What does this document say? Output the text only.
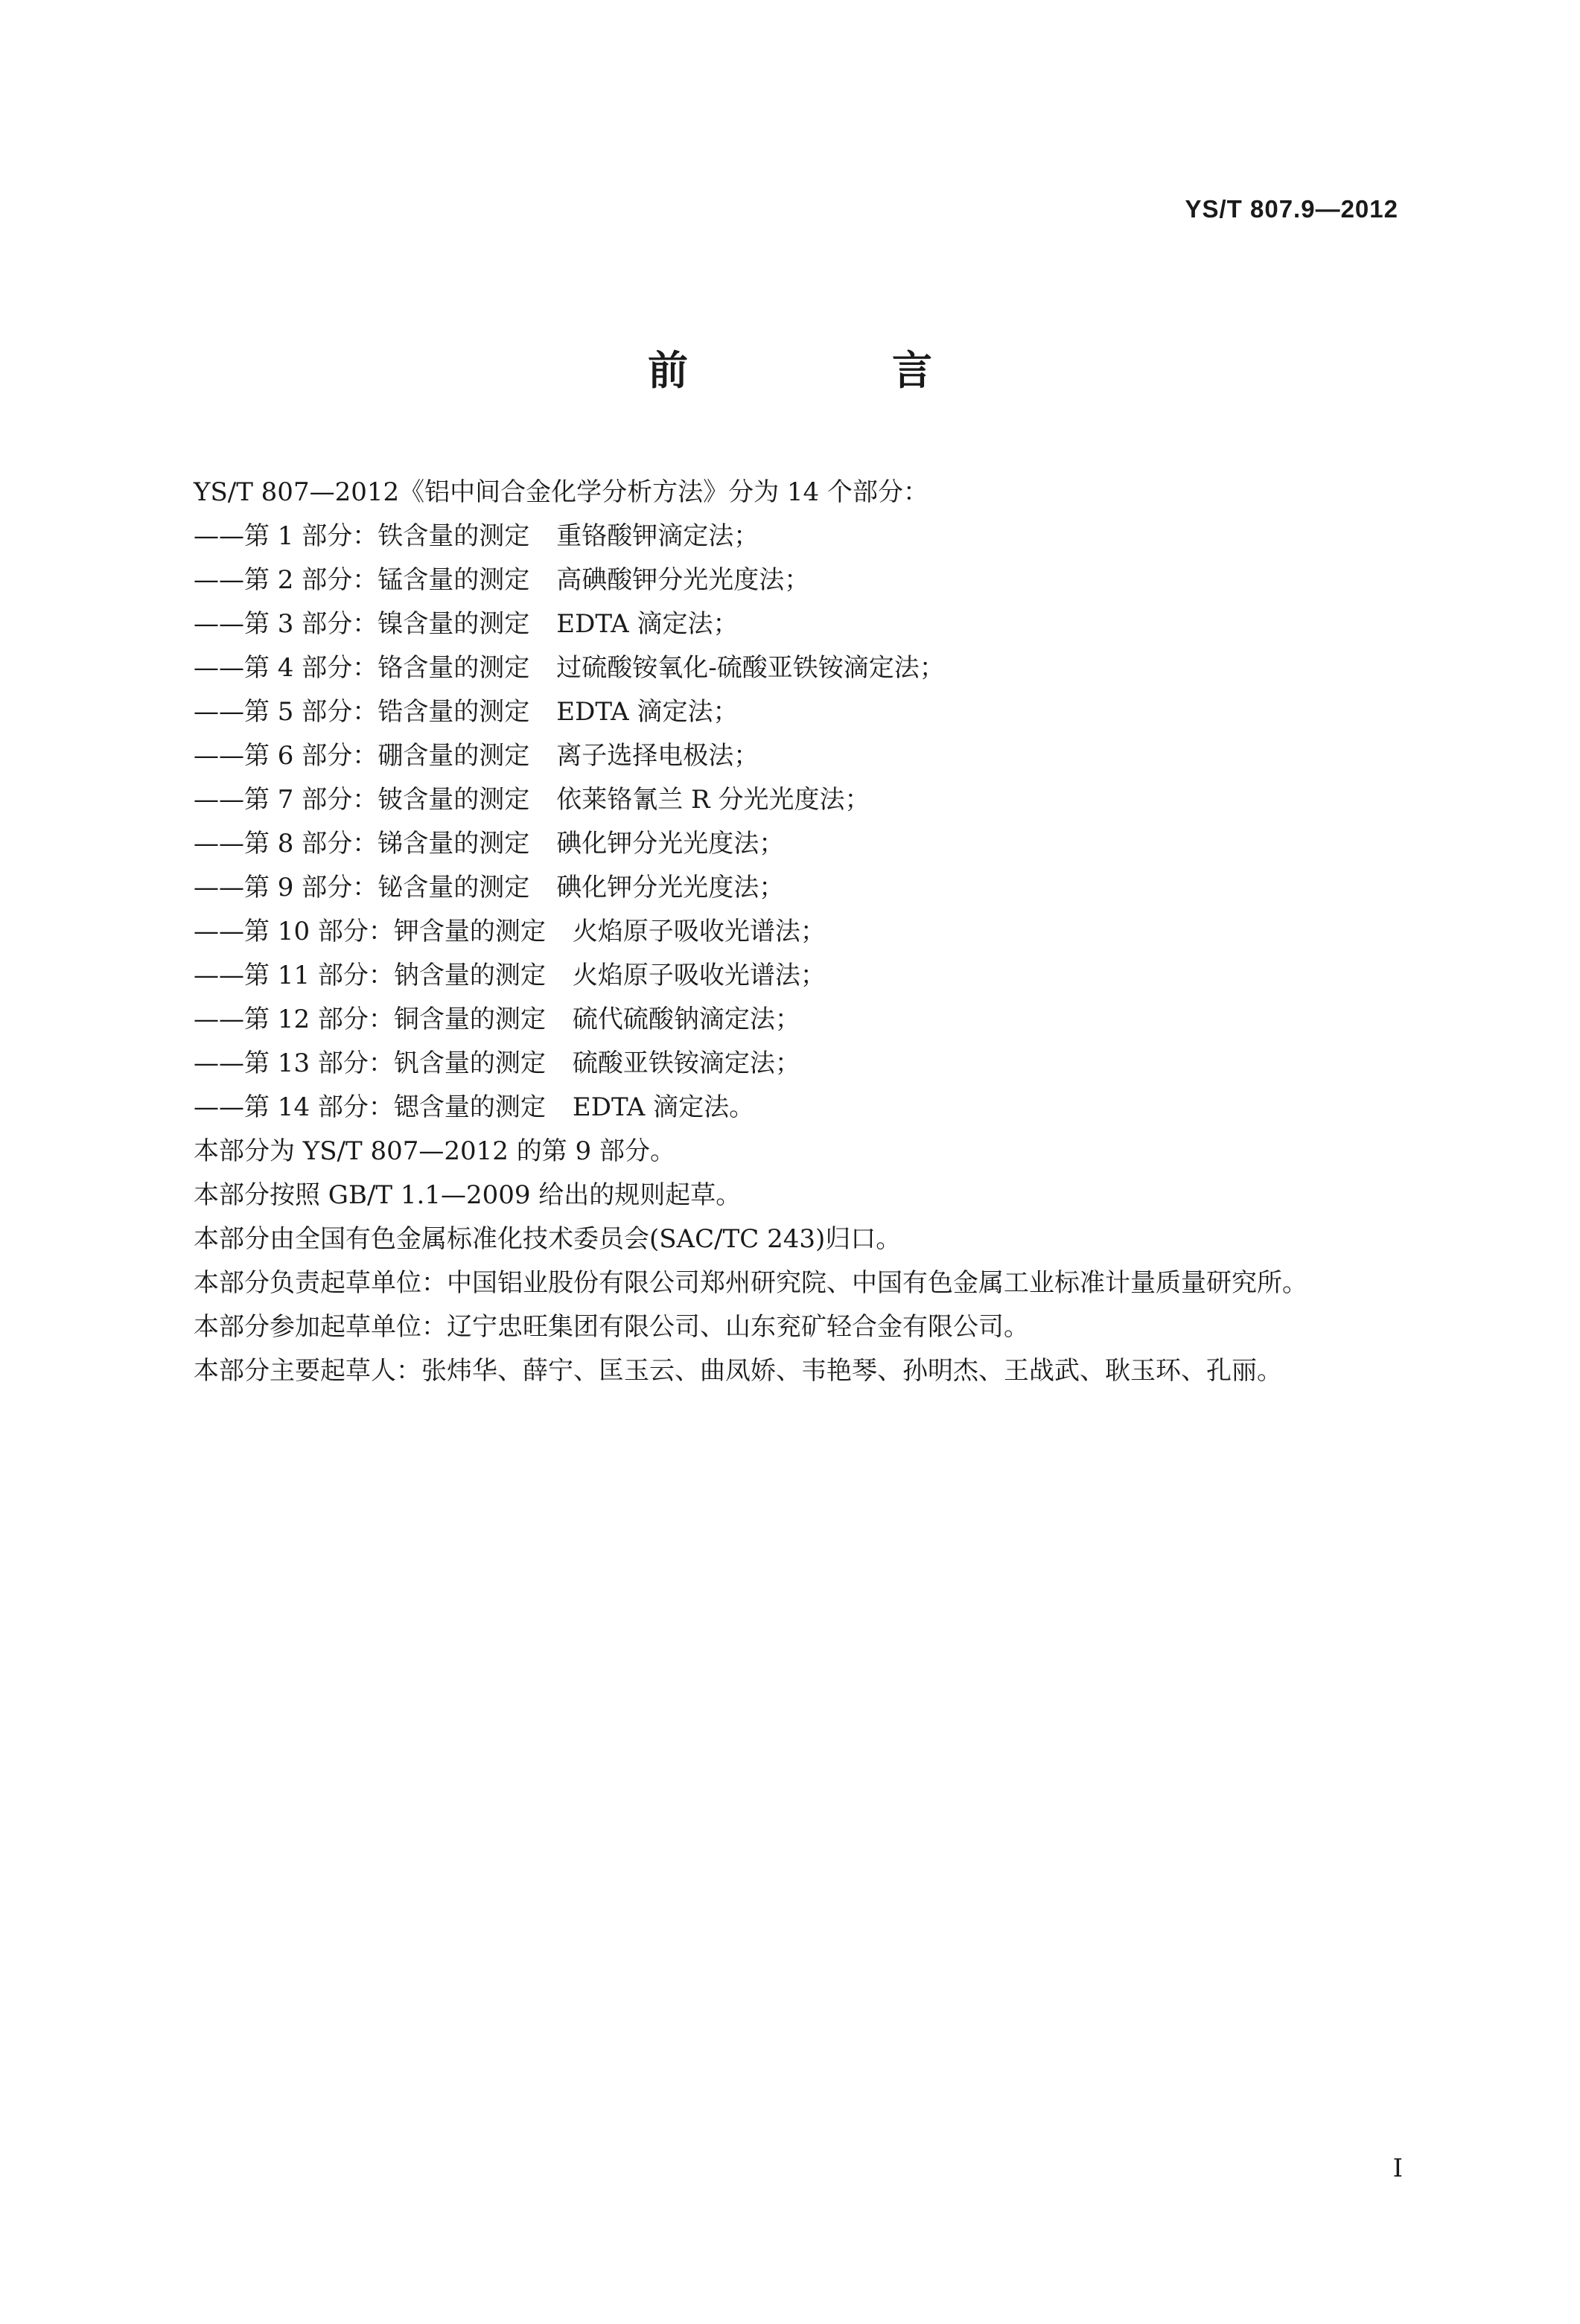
YS/T 807.9—2012
前　言

YS/T 807—2012《铝中间合金化学分析方法》分为 14 个部分：

——第 1 部分：铁含量的测定 重铬酸钾滴定法；

——第 2 部分：锰含量的测定 高碘酸钾分光光度法；

——第 3 部分：镍含量的测定 EDTA 滴定法；

——第 4 部分：铬含量的测定 过硫酸铵氧化-硫酸亚铁铵滴定法；

——第 5 部分：锆含量的测定 EDTA 滴定法；

——第 6 部分：硼含量的测定 离子选择电极法；

——第 7 部分：铍含量的测定 依莱铬氰兰 R 分光光度法；

——第 8 部分：锑含量的测定 碘化钾分光光度法；

——第 9 部分：铋含量的测定 碘化钾分光光度法；

——第 10 部分：钾含量的测定 火焰原子吸收光谱法；

——第 11 部分：钠含量的测定 火焰原子吸收光谱法；

——第 12 部分：铜含量的测定 硫代硫酸钠滴定法；

——第 13 部分：钒含量的测定 硫酸亚铁铵滴定法；

——第 14 部分：锶含量的测定 EDTA 滴定法。

本部分为 YS/T 807—2012 的第 9 部分。

本部分按照 GB/T 1.1—2009 给出的规则起草。

本部分由全国有色金属标准化技术委员会(SAC/TC 243)归口。

本部分负责起草单位：中国铝业股份有限公司郑州研究院、中国有色金属工业标准计量质量研究所。

本部分参加起草单位：辽宁忠旺集团有限公司、山东兖矿轻合金有限公司。

本部分主要起草人：张炜华、薛宁、匡玉云、曲凤娇、韦艳琴、孙明杰、王战武、耿玉环、孔丽。

I
